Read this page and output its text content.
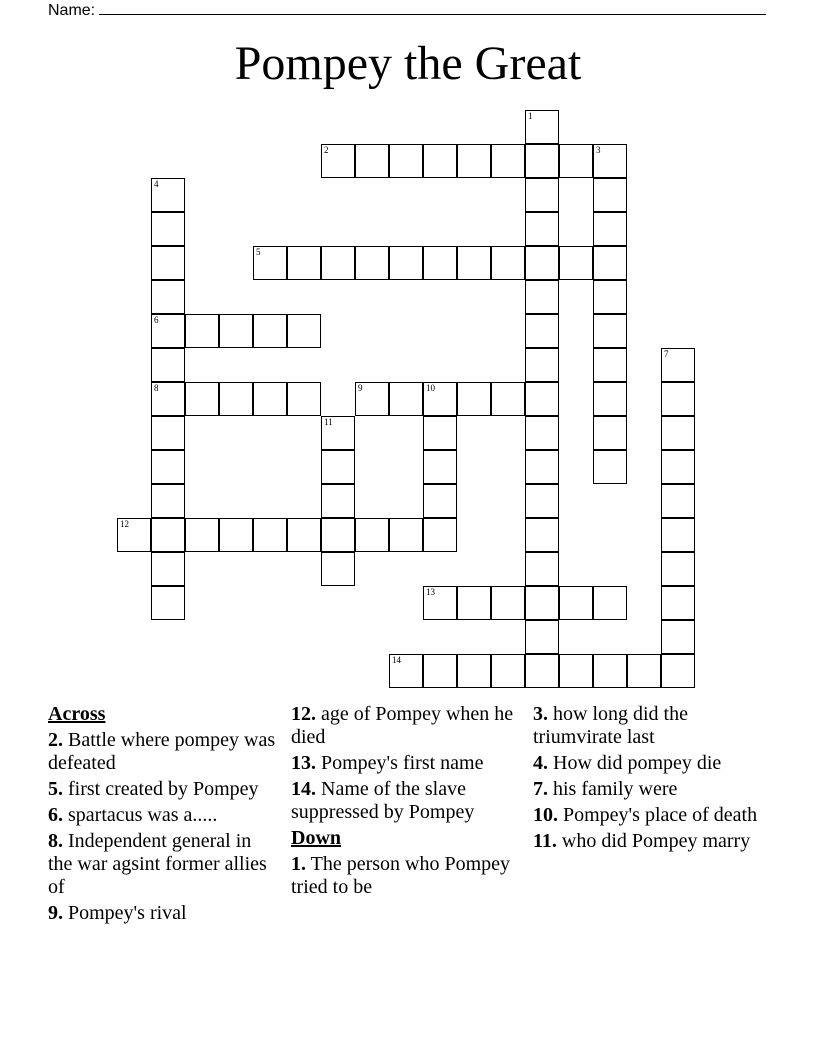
Name:
Pompey the Great
1
2	3
4
6
8
5
7
9	10
11
12
13
14
Across
2. Battle where pompey was defeated
5. first created by Pompey
6. spartacus was a.....
8. Independent general in the war agsint former allies of
9. Pompey's rival
12. age of Pompey when he died
13. Pompey's first name
14. Name of the slave suppressed by Pompey
Down
1. The person who Pompey tried to be
3. how long did the triumvirate last
4. How did pompey die
7. his family were
10. Pompey's place of death
11. who did Pompey marry
